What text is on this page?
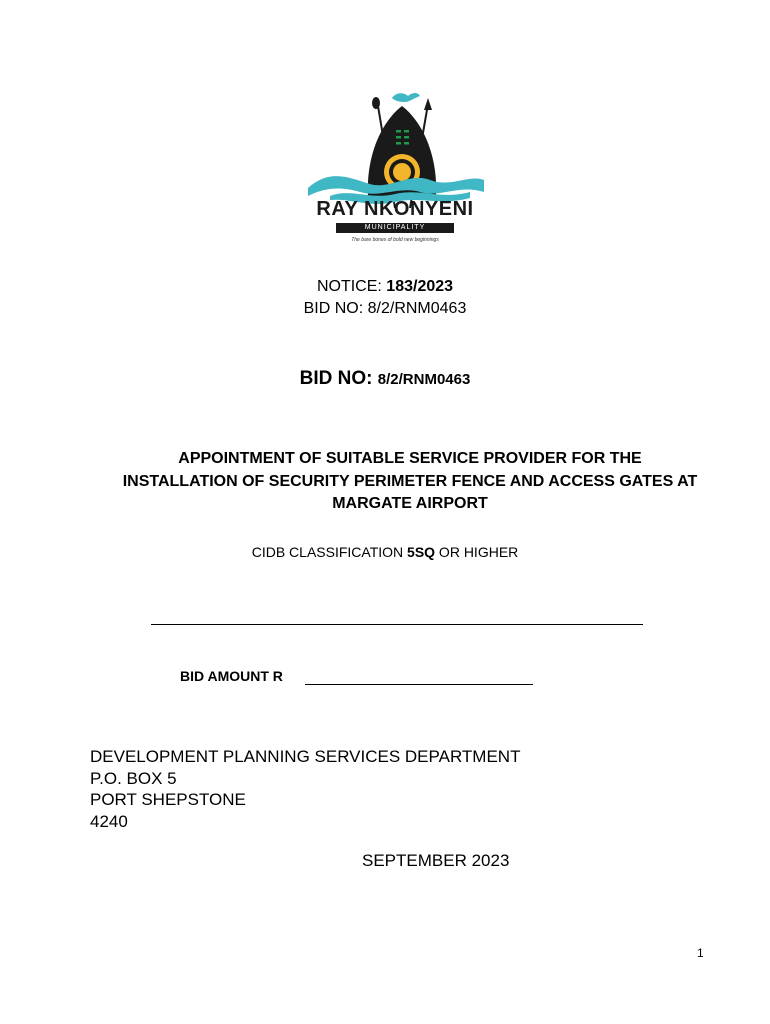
RAY NKONYENI
MUNICIPALITY
The bare bones of bold new beginnings
NOTICE: 183/2023
BID NO: 8/2/RNM0463
BID NO: 8/2/RNM0463
APPOINTMENT OF SUITABLE SERVICE PROVIDER FOR THE INSTALLATION OF SECURITY PERIMETER FENCE AND ACCESS GATES AT MARGATE AIRPORT
CIDB CLASSIFICATION 5SQ OR HIGHER
BID AMOUNT R
DEVELOPMENT PLANNING SERVICES DEPARTMENT
P.O. BOX 5
PORT SHEPSTONE
4240
SEPTEMBER 2023
1
